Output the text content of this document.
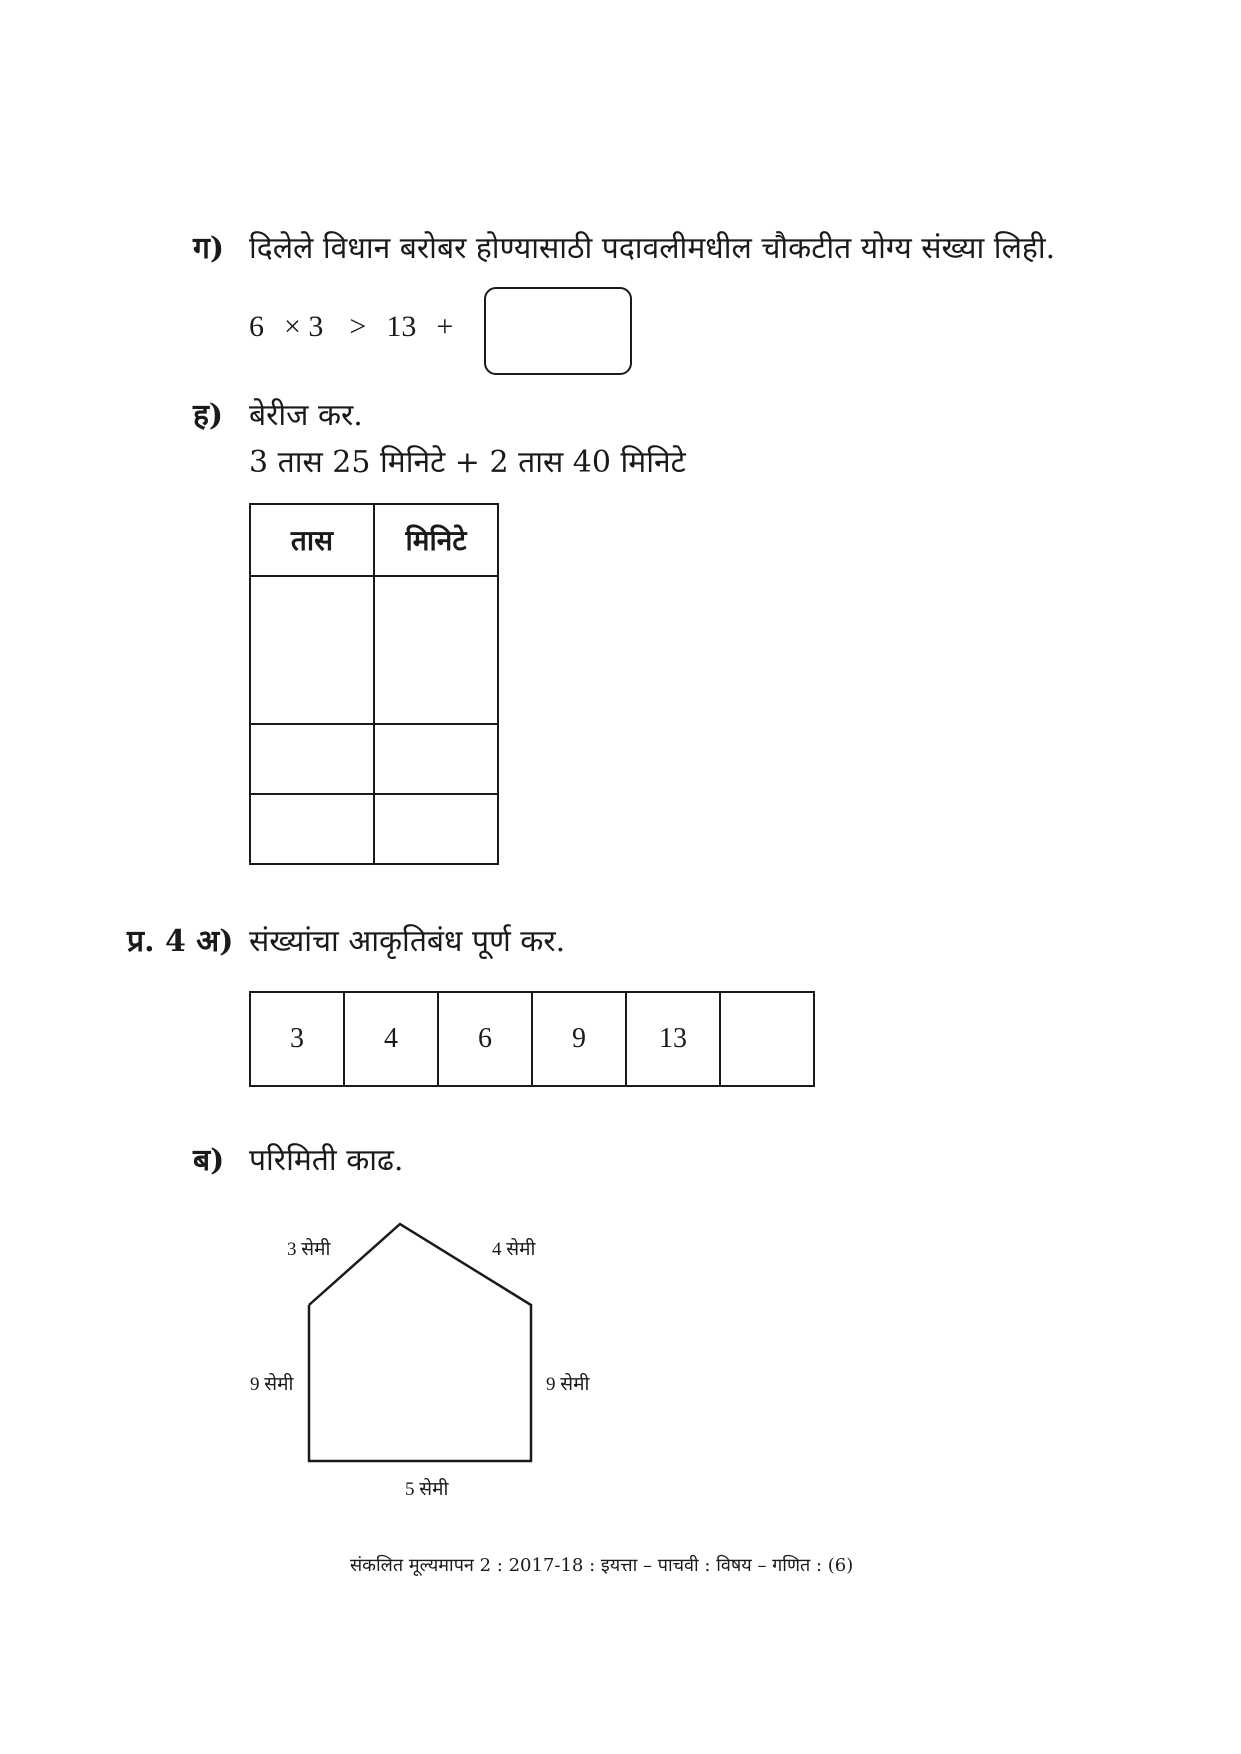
ग) दिलेले विधान बरोबर होण्यासाठी पदावलीमधील चौकटीत योग्य संख्या लिही.
6 × 3 > 13 +
ह) बेरीज कर.
3 तास 25 मिनिटे + 2 तास 40 मिनिटे
तास	मिनिटे

प्र. 4 अ) संख्यांचा आकृतिबंध पूर्ण कर.
3	4	6	9	13	
ब) परिमिती काढ.
3 सेमी	4 सेमी
9 सेमी	9 सेमी
5 सेमी
संकलित मूल्यमापन 2 : 2017-18 : इयत्ता – पाचवी : विषय – गणित : (6)
